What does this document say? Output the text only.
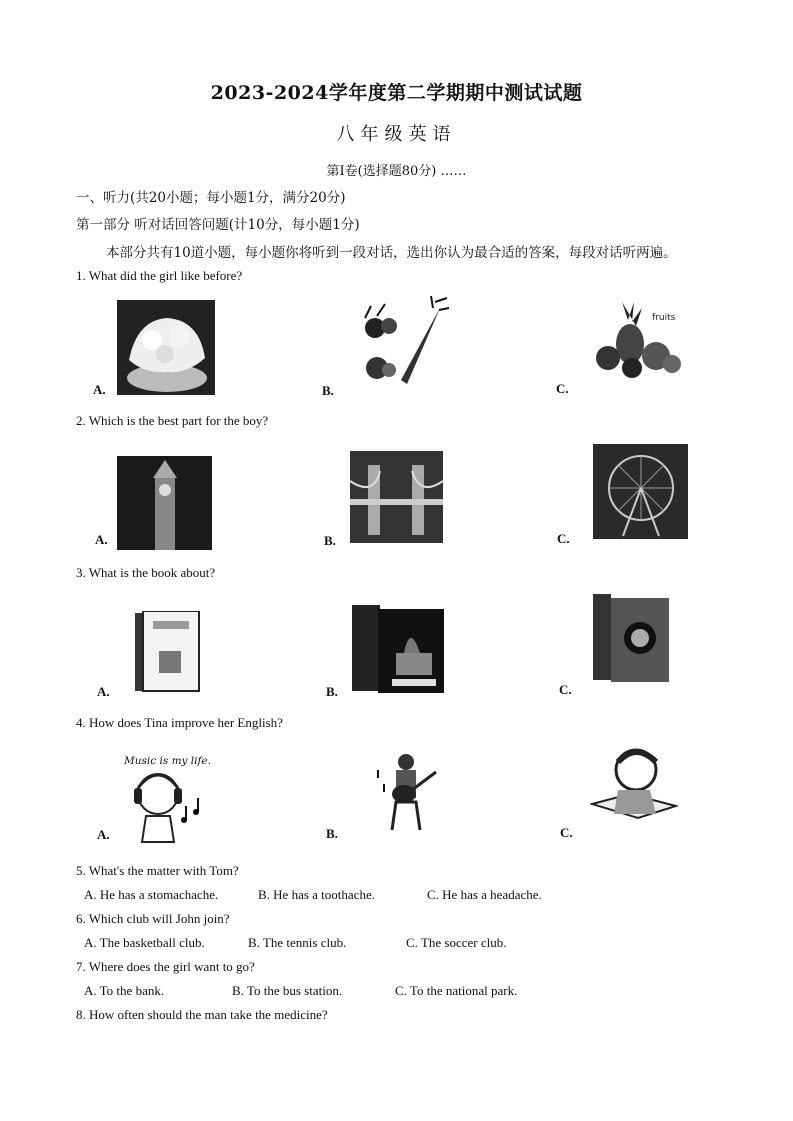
2023-2024学年度第二学期期中测试试题
八年级英语
第Ⅰ卷(选择题80分) ……
一、听力(共20小题；每小题1分，满分20分)
第一部分 听对话回答问题(计10分，每小题1分)
本部分共有10道小题，每小题你将听到一段对话，选出你认为最合适的答案，每段对话听两遍。
1. What did the girl like before?
A.	B.	C.
fruits
2. Which is the best part for the boy?
A.	B.	C.
3. What is the book about?
A.	B.	C.
4. How does Tina improve her English?
A.	B.	C.
Music is my life.
5. What's the matter with Tom?
A. He has a stomachache.	B. He has a toothache.	C. He has a headache.
6. Which club will John join?
A. The basketball club.	B. The tennis club.	C. The soccer club.
7. Where does the girl want to go?
A. To the bank.	B. To the bus station.	C. To the national park.
8. How often should the man take the medicine?
